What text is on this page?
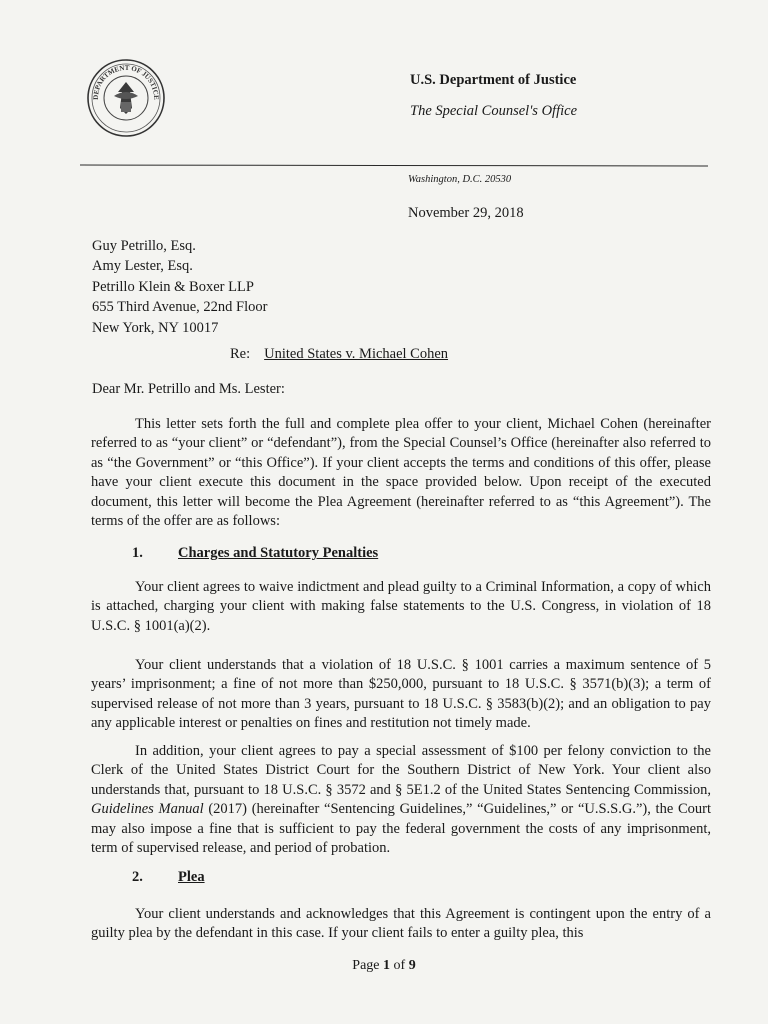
DEPARTMENT OF JUSTICE
U.S. Department of Justice
The Special Counsel's Office
Washington, D.C. 20530
November 29, 2018
Guy Petrillo, Esq.
Amy Lester, Esq.
Petrillo Klein & Boxer LLP
655 Third Avenue, 22nd Floor
New York, NY 10017
Re: United States v. Michael Cohen
Dear Mr. Petrillo and Ms. Lester:

This letter sets forth the full and complete plea offer to your client, Michael Cohen (hereinafter referred to as “your client” or “defendant”), from the Special Counsel’s Office (hereinafter also referred to as “the Government” or “this Office”). If your client accepts the terms and conditions of this offer, please have your client execute this document in the space provided below. Upon receipt of the executed document, this letter will become the Plea Agreement (hereinafter referred to as “this Agreement”). The terms of the offer are as follows:

1. Charges and Statutory Penalties

Your client agrees to waive indictment and plead guilty to a Criminal Information, a copy of which is attached, charging your client with making false statements to the U.S. Congress, in violation of 18 U.S.C. § 1001(a)(2).

Your client understands that a violation of 18 U.S.C. § 1001 carries a maximum sentence of 5 years’ imprisonment; a fine of not more than $250,000, pursuant to 18 U.S.C. § 3571(b)(3); a term of supervised release of not more than 3 years, pursuant to 18 U.S.C. § 3583(b)(2); and an obligation to pay any applicable interest or penalties on fines and restitution not timely made.

In addition, your client agrees to pay a special assessment of $100 per felony conviction to the Clerk of the United States District Court for the Southern District of New York. Your client also understands that, pursuant to 18 U.S.C. § 3572 and § 5E1.2 of the United States Sentencing Commission, Guidelines Manual (2017) (hereinafter “Sentencing Guidelines,” “Guidelines,” or “U.S.S.G.”), the Court may also impose a fine that is sufficient to pay the federal government the costs of any imprisonment, term of supervised release, and period of probation.

2. Plea

Your client understands and acknowledges that this Agreement is contingent upon the entry of a guilty plea by the defendant in this case. If your client fails to enter a guilty plea, this

Page 1 of 9
